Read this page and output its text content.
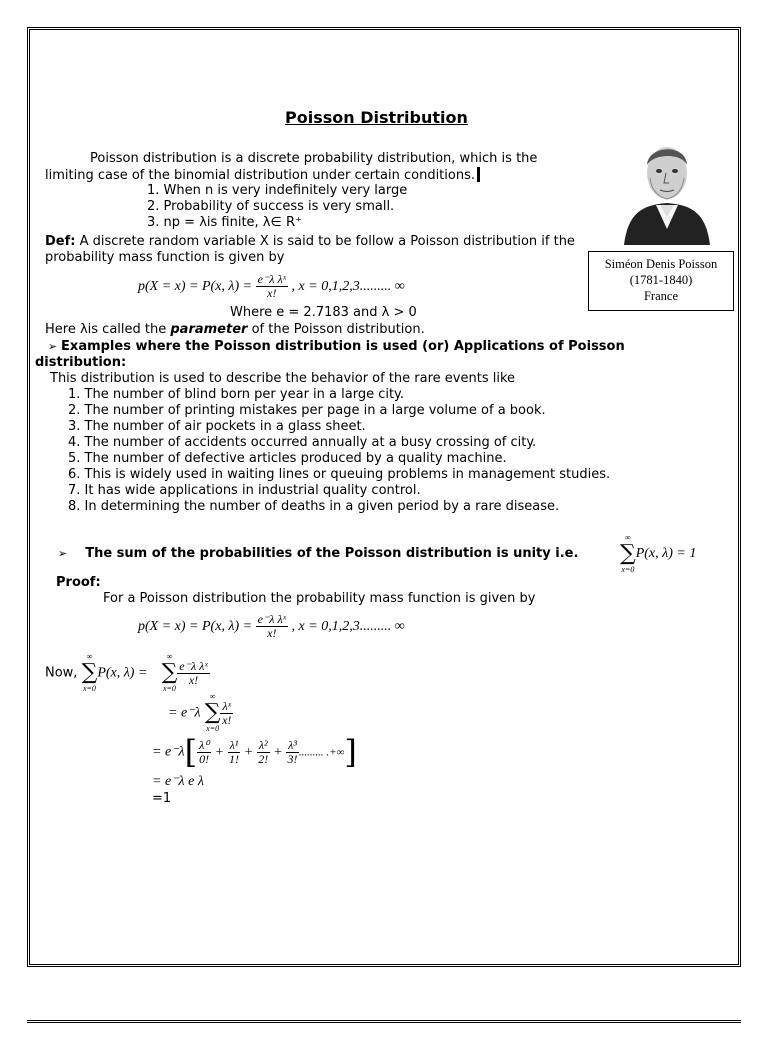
Poisson Distribution
Poisson distribution is a discrete probability distribution, which is the
limiting case of the binomial distribution under certain conditions.
1. When n is very indefinitely very large
2. Probability of success is very small.
3. np = λis finite, λ∈ R⁺
Siméon Denis Poisson
(1781-1840)
France
Def: A discrete random variable X is said to be follow a Poisson distribution if the
probability mass function is given by
p(X = x) = P(x, $\lambda) = \frac{\text{e⁻λ λˣ}}{x!}$ , x = 0,1,2,3......... ∞
Where e = 2.7183 and λ > 0
Here λis called the parameter of the Poisson distribution.
➢ Examples where the Poisson distribution is used (or) Applications of Poisson
distribution:
This distribution is used to describe the behavior of the rare events like
1. The number of blind born per year in a large city.
2. The number of printing mistakes per page in a large volume of a book.
3. The number of air pockets in a glass sheet.
4. The number of accidents occurred annually at a busy crossing of city.
5. The number of defective articles produced by a quality machine.
6. This is widely used in waiting lines or queuing problems in management studies.
7. It has wide applications in industrial quality control.
8. In determining the number of deaths in a given period by a rare disease.
➢ The sum of the probabilities of the Poisson distribution is unity i.e.
∞
∑
x=0
P(x, λ) = 1
Proof:
For a Poisson distribution the probability mass function is given by
p(X = x) = P(x, $\lambda) = \frac{\text{e⁻λ λˣ}}{x!}$ , x = 0,1,2,3......... ∞
Now,
∞
∑
x=0
P(x, λ) =
∞
∑
x=0
$\frac{\text{e⁻λ λˣ}}{x!}$
= e⁻λ
∞
∑
x=0
$\frac{\text{λˣ}}{x!}$
= $e^-\lambda[ \frac{\text{λ⁰}}{0!} + \frac{\text{λ¹}}{1!} + \frac{\text{λ²}}{2!} + \frac{\text{λ³}}{3!}$ ......... .+∞]
= e⁻λ e λ
=1
